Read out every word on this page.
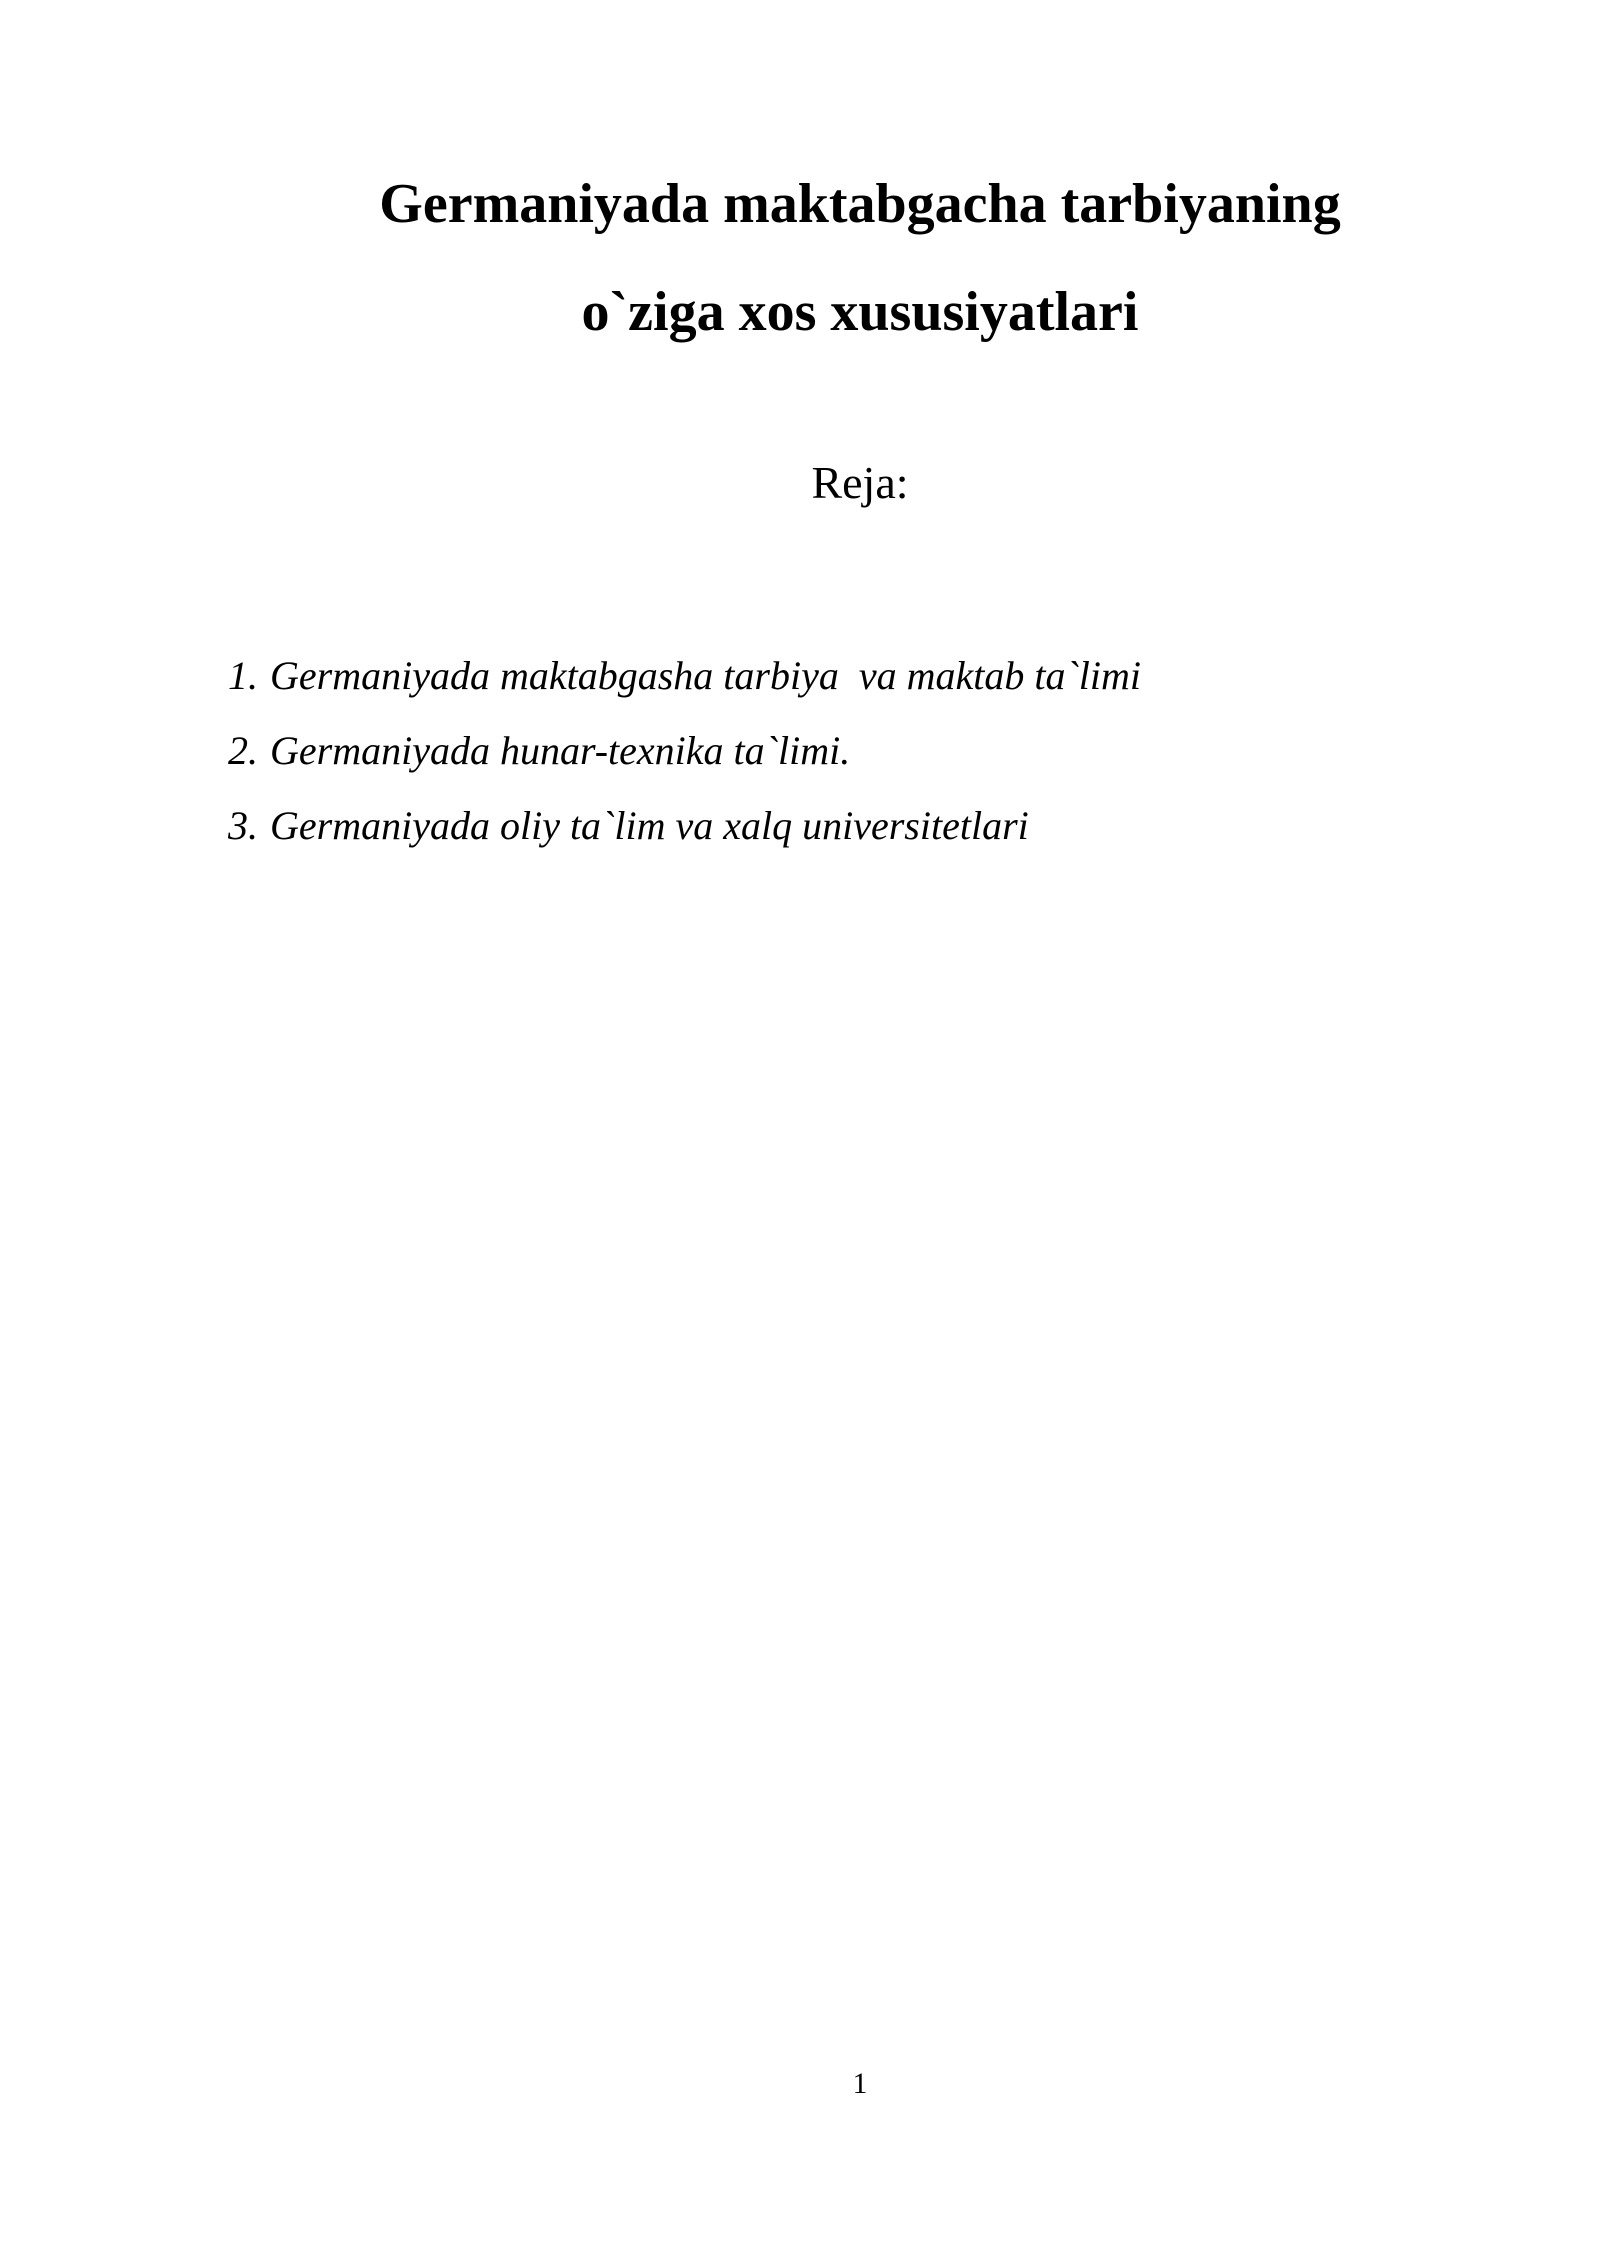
Germaniyada maktabgacha tarbiyaning

o`ziga xos xususiyatlari

Reja:
1. Germaniyada maktabgasha tarbiya  va maktab ta`limi
2. Germaniyada hunar-texnika ta`limi.
3. Germaniyada oliy ta`lim va xalq universitetlari
1
